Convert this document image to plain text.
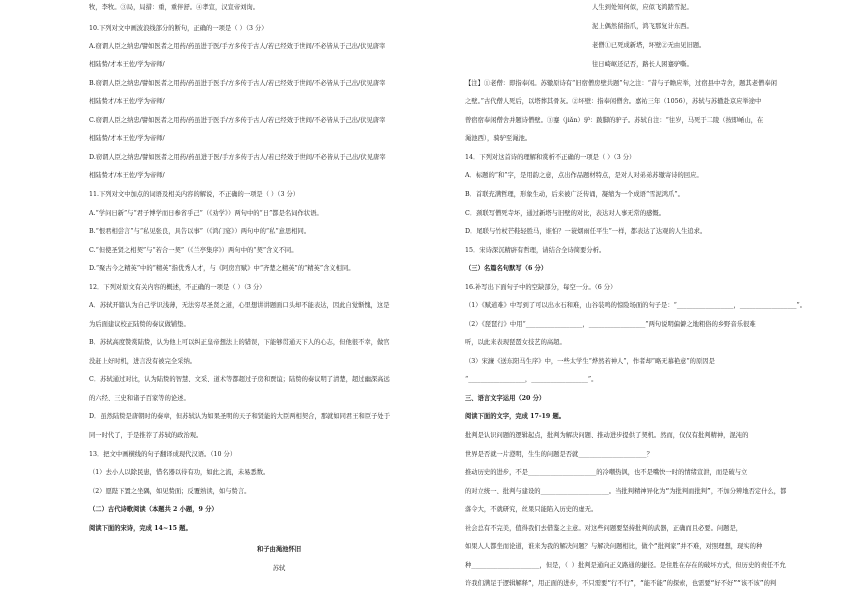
牧，李牧。③局，局措：重，重伴舒。④孝宣，汉宣帝刘询。
10.下列对文中画波浪线部分的断句，正确的一项是（ ）（3 分）
A.窃谓人臣之纳忠/譬如医者之用药/药虽进于医/手方多传于古人/若已经效于世间/不必皆从于己出/伏见唐宰
相陆贽/才本王佐/学为帝师/
B.窃谓人臣之纳忠/譬如医者之用药/药虽进于医手/方多传于古人/若已经效于世间/不必皆从于己出/伏见唐宰
相陆贽才/本王佐/学为帝师/
C.窃谓人臣之纳忠/譬如医者之用药/药虽进于医手/方多传于古人/若已经效于世间/不必皆从于己出/伏见唐宰
相陆贽/才本王佐/学为帝师/
D.窃谓人臣之纳忠/譬如医者之用药/药虽进于医/手方多传于古人/若已经效于世间/不必皆从于己出/伏见唐宰
相陆贽才/本王佐/学为帝师/
11.下列对文中加点的词语及相关内容的解说，不正确的一项是（ ）（3 分）
A.“学问日新”与“君子博学而日参省乎己”（《劝学》）两句中的“日”都是名词作状语。
B.“恨君相尝言”与“私见张良，具告以事”（《鸿门宴》）两句中的“私”意思相同。
C.“但使圣贤之相契”与“若合一契”（《兰亭集序》）两句中的“契”含义不同。
D.“聚古今之精英”中的“精英”指优秀人才，与《阿房宫赋》中“齐楚之精英”的“精英”含义相同。
12．下列对原文有关内容的概述，不正确的一项是（ ）（3 分）
A．苏轼开篇认为自己学识浅薄，无法穷尽圣贤之道，心里想讲讲题面口头却不能表达，因此自觉惭愧，这是
为后面建议校正陆贽的奏议做铺垫。
B．苏轼高度赞赏陆贽，认为他上可以纠正皇帝想法上的错误，下能够贯通天下人的心志，但他很不幸，做官
没赶上好时机，进言没有被完全采纳。
C．苏轼通过对比，认为陆贽的智慧、文采、道术等都超过子房和贾谊；陆贽的奏议明了清楚，超过幽深高远
的六经、三史和诸子百家等的论述。
D．虽然陆贽是唐朝时的奏章，但苏轼认为如果圣明的天子和贤能的大臣两相契合，那就如同君王和臣子处于
同一时代了，于是推荐了苏轼的政治观。
13．把文中画横线的句子翻译成现代汉语。（10 分）
（1）去小人以除民患，惜名器以待有功，如此之流，未易悉数。
（2）愿陛下置之坐隅，如见贽面；反覆熟读，如与贽言。
（二）古代诗歌阅读（本题共 2 小题，9 分）
阅读下面的宋诗，完成 14~15 题。
和子由渑池怀旧
苏轼
人生到处知何似，应似飞鸿踏雪泥。
泥上偶然留指爪，鸿飞那复计东西。
老僧①已死成新塔，坏壁②无由见旧题。
往日崎岖还记否，路长人困蹇驴嘶。
【注】①老僧：即指奉闲。苏辙原诗有“旧宿僧房壁共题”句之注：“昔与子瞻应举，过宿县中寺舍，题其老僧奉闲
之壁。”古代僧人死后，以塔葬其骨灰。②坏壁：指奉闲僧舍。嘉祐三年（1056），苏轼与苏辙赴京应举途中
曾宿宿奉闲僧舍并题诗僧壁。③蹇（jiǎn）驴：跛脚的驴子。苏轼自注：“往岁，马死于二陵（按即崤山，在
渑池西），骑驴至渑池。
14．下列对这首诗的理解和赏析不正确的一项是（ ）（3 分）
A．标题的“和”字，是用韵之意，点出作品题材特点，是对人对弟弟苏辙寄诗的回应。
B．首联充满哲理，形象生动，后来被广泛传诵，凝缩为一个成语“雪泥鸿爪”。
C．颈联写僧死寺坏，通过新塔与旧壁的对比，表达对人事无常的感慨。
D．尾联与竹杖芒鞋轻胜马，谁怕？一蓑烟雨任平生”一样，都表达了达观的人生追求。
15．宋诗深沉精辟有哲理，请结合全诗简要分析。
（三）名篇名句默写（6 分）
16.补写出下面句子中的空缺部分，每空一分。（6 分）
（1）《赋道难》中写到了可以出水石和难，山谷装鸣的惊险场面的句子是：“__________________，__________________”。
（2）《琵琶行》中用“__________________，__________________”两句说明偏僻之地粗俗的乡野音乐很难
听，以此来表现琵琶女技艺的高超。
（3）宋濂《送东阳马生序》中，一些太学生“烨然若神人”，作者却“略无慕艳意”的原因是
“__________________，__________________”。
三、语言文字运用（20 分）
阅读下面的文字，完成 17-19 题。
批判是认识问题的逻辑起点，批判为解决问题、推动进步提供了契机。然而，仅仅有批判精神，混沌的
世界是否就一片澄明，生生的问题是否就__________________？
推动历史的进步，不是__________________的冷嘲热讽，也不是嘴快一时的情绪宣泄，而是破与立
的对立统一、批判与建设的__________________。当批判精神异化为“为批判而批判”，不加分辨地否定什么，都
落令大，不就研究，丝果只能陷入历史的虚无。
社会总有不完美，值得我们去借鉴之主意。对这些问题要坚持批判的武器，正确而且必要。问题是，
如果人人都坐而论道，谁来为我的解决问题？与解决问题相比，做个“批判家”并不难，对照理想，现实的种
种__________________，但是，（ ）批判是通向正义路通的捷径。是住胜在存在的破坏方式，但历史的责任不允
许我们满足于逻辑解释“，用正面的进步，不只需要“行不行”，“能不能”的探索，也需要“好不好”“该不该”的判
